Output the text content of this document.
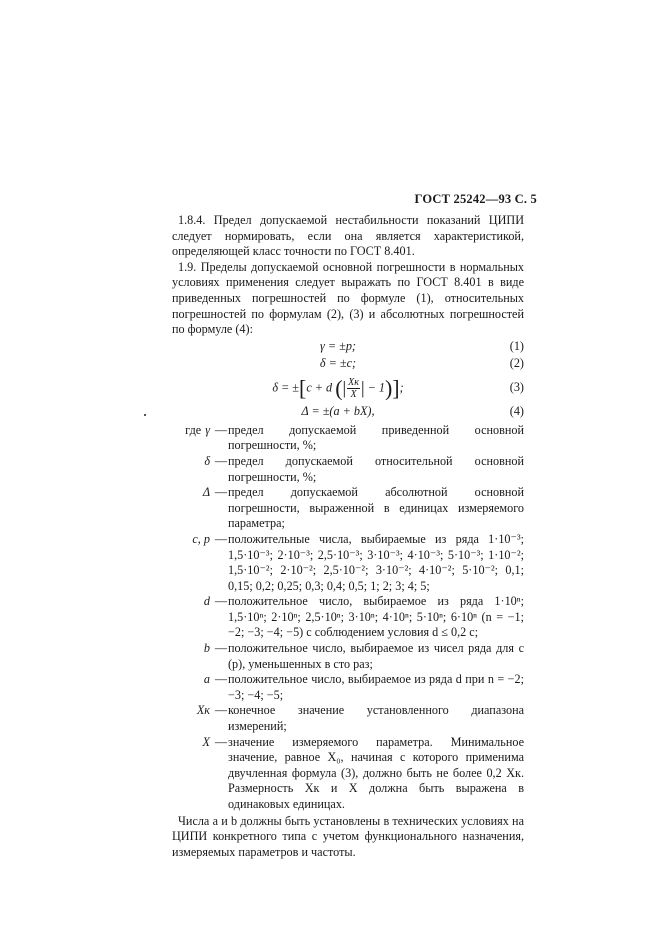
ГОСТ 25242—93 С. 5

1.8.4. Предел допускаемой нестабильности показаний ЦИПИ следует нормировать, если она является характеристикой, определяющей класс точности по ГОСТ 8.401.

1.9. Пределы допускаемой основной погрешности в нормальных условиях применения следует выражать по ГОСТ 8.401 в виде приведенных погрешностей по формуле (1), относительных погрешностей по формулам (2), (3) и абсолютных погрешностей по формуле (4):

γ = ±p;	(1)
δ = ±c;	(2)
δ = ±[c + d (| $\frac{Xк}{X}$ | − 1)];	(3)
Δ = ±(a + bX),	(4)
где γ — предел допускаемой приведенной основной погрешности, %;
δ — предел допускаемой относительной основной погрешности, %;
Δ — предел допускаемой абсолютной основной погрешности, выраженной в единицах измеряемого параметра;
c, p — положительные числа, выбираемые из ряда 1·10⁻³; 1,5·10⁻³; 2·10⁻³; 2,5·10⁻³; 3·10⁻³; 4·10⁻³; 5·10⁻³; 1·10⁻²; 1,5·10⁻²; 2·10⁻²; 2,5·10⁻²; 3·10⁻²; 4·10⁻²; 5·10⁻²; 0,1; 0,15; 0,2; 0,25; 0,3; 0,4; 0,5; 1; 2; 3; 4; 5;
d — положительное число, выбираемое из ряда 1·10ⁿ; 1,5·10ⁿ; 2·10ⁿ; 2,5·10ⁿ; 3·10ⁿ; 4·10ⁿ; 5·10ⁿ; 6·10ⁿ (n = −1; −2; −3; −4; −5) с соблюдением условия d ≤ 0,2 c;
b — положительное число, выбираемое из чисел ряда для c (p), уменьшенных в сто раз;
a — положительное число, выбираемое из ряда d при n = −2; −3; −4; −5;
Xк — конечное значение установленного диапазона измерений;
X — значение измеряемого параметра. Минимальное значение, равное X₀, начиная с которого применима двучленная формула (3), должно быть не более 0,2 Xк. Размерность Xк и X должна быть выражена в одинаковых единицах.

Числа a и b должны быть установлены в технических условиях на ЦИПИ конкретного типа с учетом функционального назначения, измеряемых параметров и частоты.
